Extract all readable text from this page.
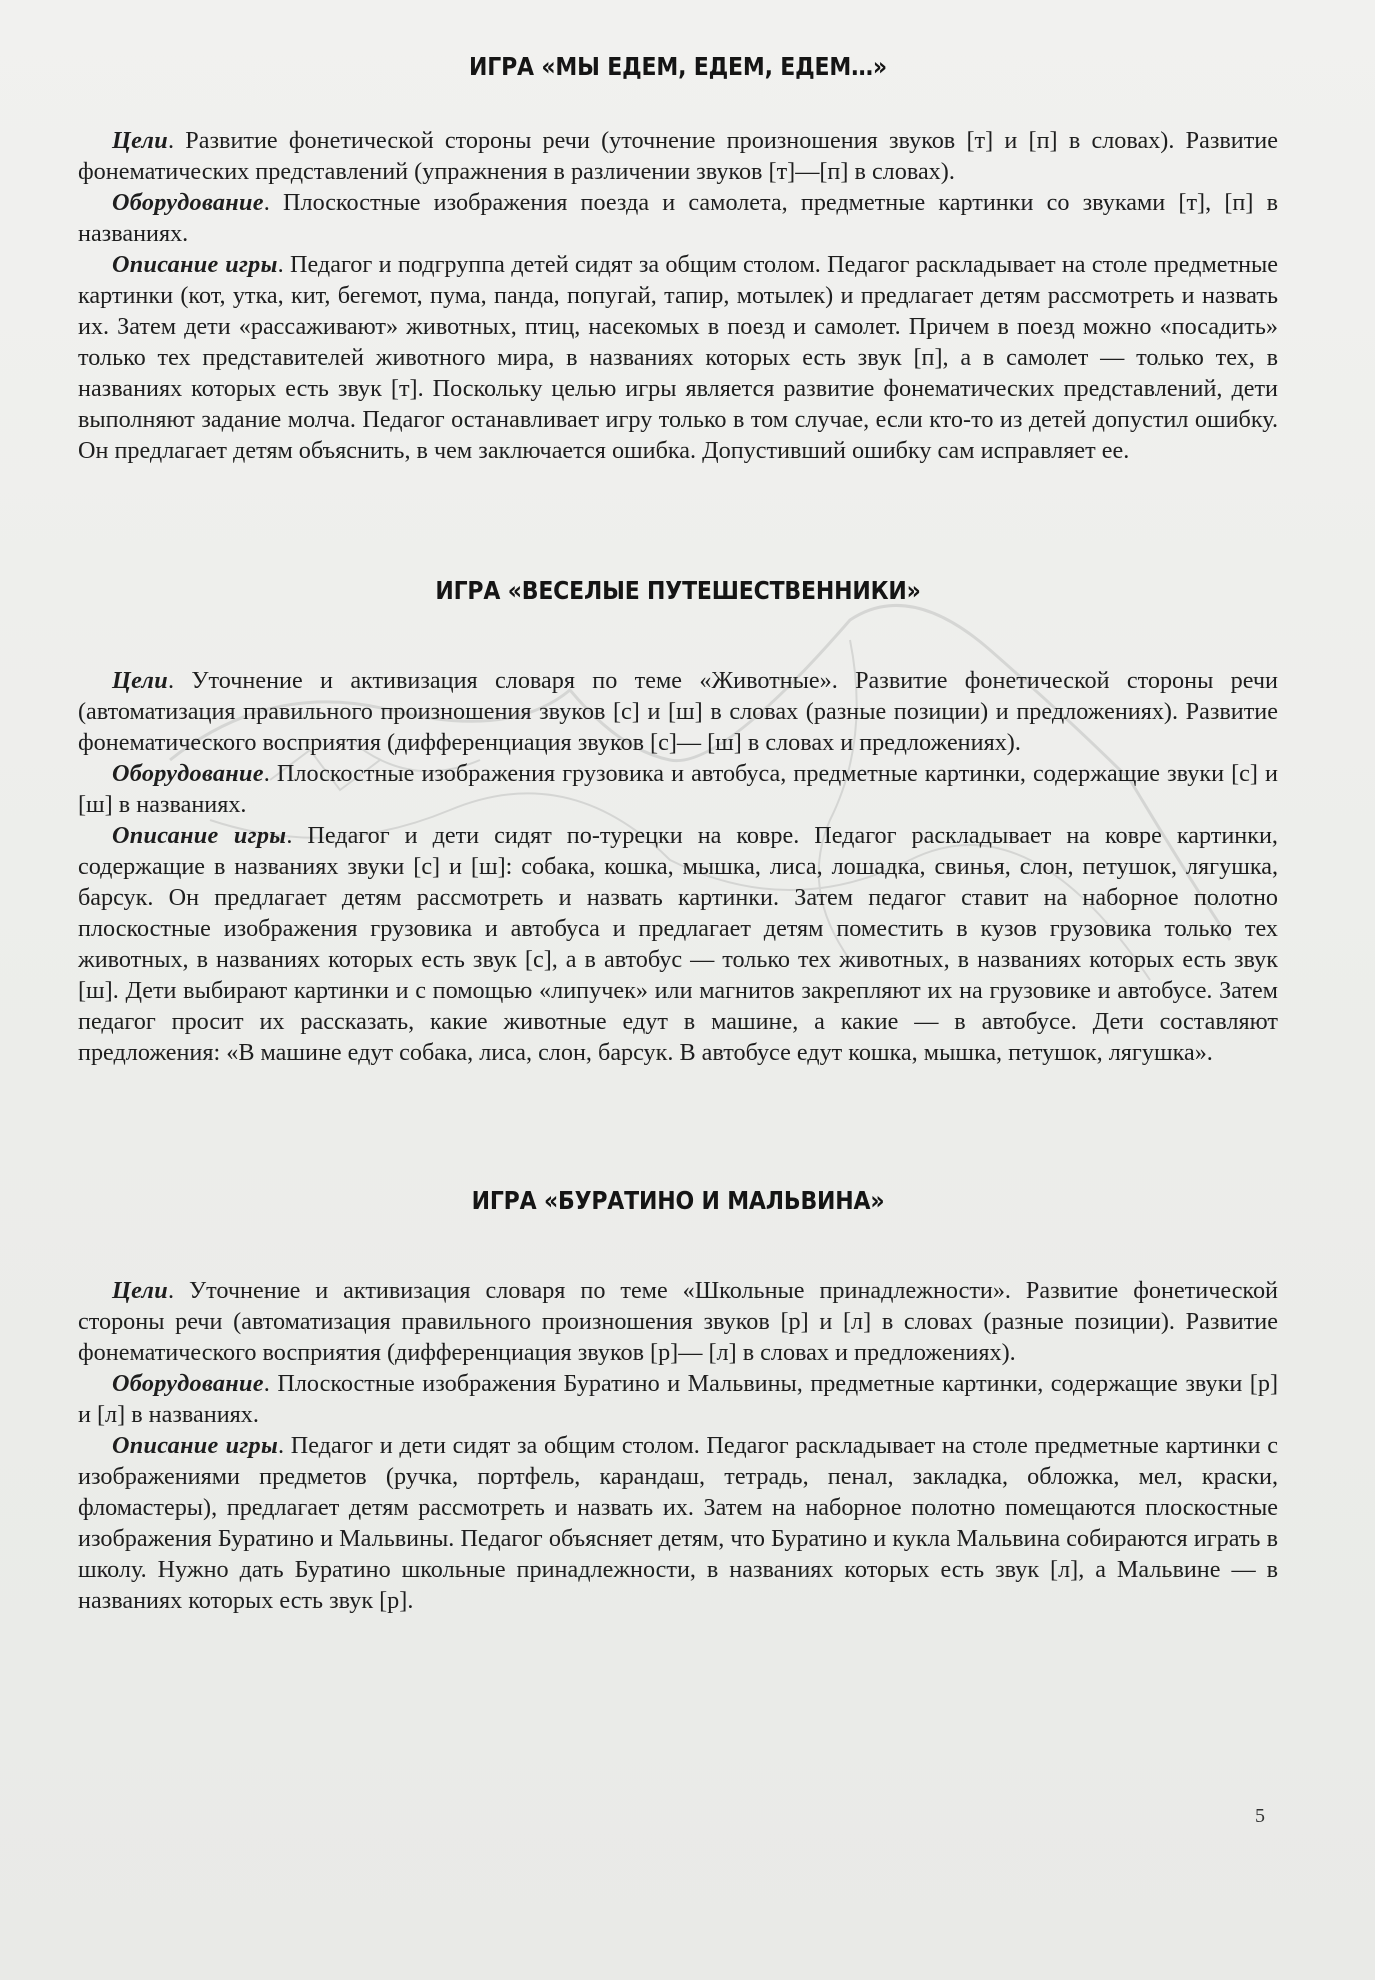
ИГРА «МЫ ЕДЕМ, ЕДЕМ, ЕДЕМ…»

Цели. Развитие фонетической стороны речи (уточнение произношения звуков [т] и [п] в словах). Развитие фонематических представлений (упражнения в различении звуков [т]—[п] в словах).

Оборудование. Плоскостные изображения поезда и самолета, предметные картинки со звуками [т], [п] в названиях.

Описание игры. Педагог и подгруппа детей сидят за общим столом. Педагог раскладывает на столе предметные картинки (кот, утка, кит, бегемот, пума, панда, попугай, тапир, мотылек) и предлагает детям рассмотреть и назвать их. Затем дети «рассаживают» животных, птиц, насекомых в поезд и самолет. Причем в поезд можно «посадить» только тех представителей животного мира, в названиях которых есть звук [п], а в самолет — только тех, в названиях которых есть звук [т]. Поскольку целью игры является развитие фонематических представлений, дети выполняют задание молча. Педагог останавливает игру только в том случае, если кто-то из детей допустил ошибку. Он предлагает детям объяснить, в чем заключается ошибка. Допустивший ошибку сам исправляет ее.

ИГРА «ВЕСЕЛЫЕ ПУТЕШЕСТВЕННИКИ»

Цели. Уточнение и активизация словаря по теме «Животные». Развитие фонетической стороны речи (автоматизация правильного произношения звуков [с] и [ш] в словах (разные позиции) и предложениях). Развитие фонематического восприятия (дифференциация звуков [с]— [ш] в словах и предложениях).

Оборудование. Плоскостные изображения грузовика и автобуса, предметные картинки, содержащие звуки [с] и [ш] в названиях.

Описание игры. Педагог и дети сидят по-турецки на ковре. Педагог раскладывает на ковре картинки, содержащие в названиях звуки [с] и [ш]: собака, кошка, мышка, лиса, лошадка, свинья, слон, петушок, лягушка, барсук. Он предлагает детям рассмотреть и назвать картинки. Затем педагог ставит на наборное полотно плоскостные изображения грузовика и автобуса и предлагает детям поместить в кузов грузовика только тех животных, в названиях которых есть звук [с], а в автобус — только тех животных, в названиях которых есть звук [ш]. Дети выбирают картинки и с помощью «липучек» или магнитов закрепляют их на грузовике и автобусе. Затем педагог просит их рассказать, какие животные едут в машине, а какие — в автобусе. Дети составляют предложения: «В машине едут собака, лиса, слон, барсук. В автобусе едут кошка, мышка, петушок, лягушка».

ИГРА «БУРАТИНО И МАЛЬВИНА»

Цели. Уточнение и активизация словаря по теме «Школьные принадлежности». Развитие фонетической стороны речи (автоматизация правильного произношения звуков [р] и [л] в словах (разные позиции). Развитие фонематического восприятия (дифференциация звуков [р]— [л] в словах и предложениях).

Оборудование. Плоскостные изображения Буратино и Мальвины, предметные картинки, содержащие звуки [р] и [л] в названиях.

Описание игры. Педагог и дети сидят за общим столом. Педагог раскладывает на столе предметные картинки с изображениями предметов (ручка, портфель, карандаш, тетрадь, пенал, закладка, обложка, мел, краски, фломастеры), предлагает детям рассмотреть и назвать их. Затем на наборное полотно помещаются плоскостные изображения Буратино и Мальвины. Педагог объясняет детям, что Буратино и кукла Мальвина собираются играть в школу. Нужно дать Буратино школьные принадлежности, в названиях которых есть звук [л], а Мальвине — в названиях которых есть звук [р].

5
